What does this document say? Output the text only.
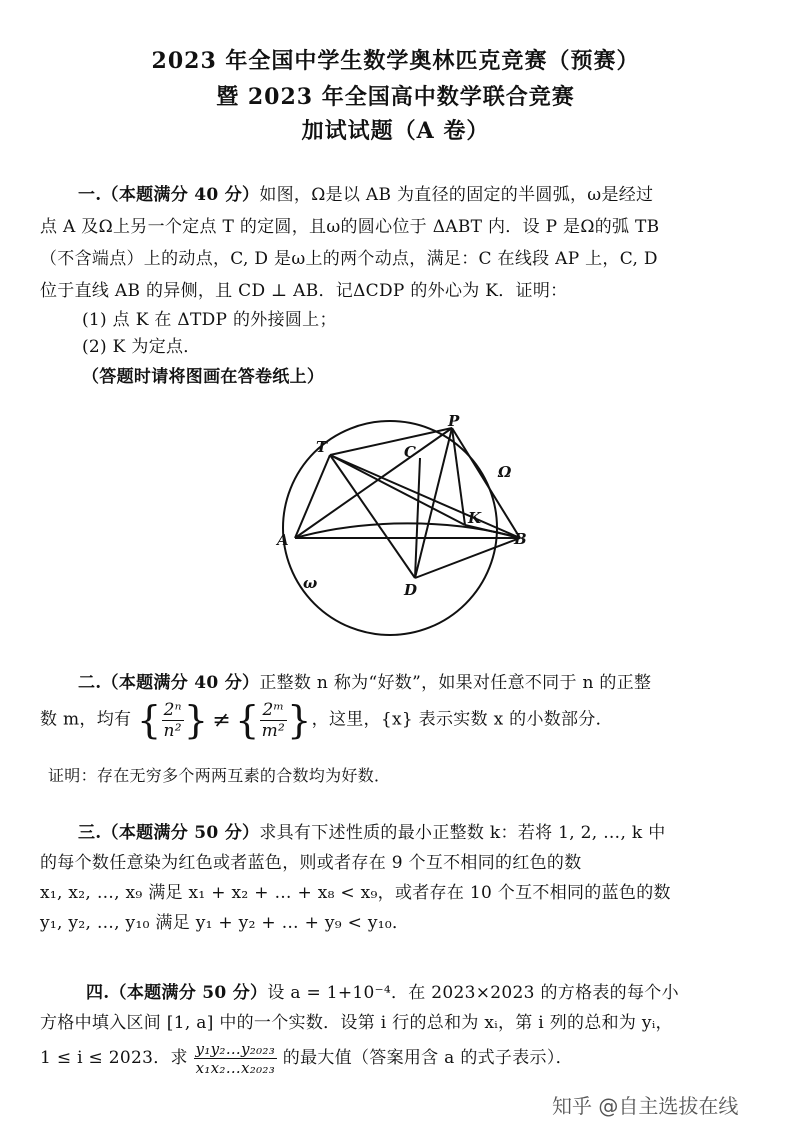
2023 年全国中学生数学奥林匹克竞赛（预赛）
暨 2023 年全国高中数学联合竞赛
加试试题（A 卷）
一.（本题满分 40 分）如图，Ω是以 AB 为直径的固定的半圆弧，ω是经过
点 A 及Ω上另一个定点 T 的定圆，且ω的圆心位于 ΔABT 内．设 P 是Ω的弧 TB
（不含端点）上的动点，C, D 是ω上的两个动点，满足：C 在线段 AP 上，C, D
位于直线 AB 的异侧，且 CD ⊥ AB．记ΔCDP 的外心为 K．证明：
(1) 点 K 在 ΔTDP 的外接圆上；
(2) K 为定点．
（答题时请将图画在答卷纸上）
A	B
C
D
P
T
K
Ω
ω
二.（本题满分 40 分）正整数 n 称为“好数”，如果对任意不同于 n 的正整
数 m，均有 { $\frac{\text{2ⁿ}}{\text{n²}}$ } ≠ { $\frac{\text{2ᵐ}}{\text{m²}}$ }，这里，{x} 表示实数 x 的小数部分．
证明：存在无穷多个两两互素的合数均为好数．
三.（本题满分 50 分）求具有下述性质的最小正整数 k：若将 1, 2, …, k 中
的每个数任意染为红色或者蓝色，则或者存在 9 个互不相同的红色的数
x₁, x₂, …, x₉ 满足 x₁ + x₂ + … + x₈ < x₉，或者存在 10 个互不相同的蓝色的数
y₁, y₂, …, y₁₀ 满足 y₁ + y₂ + … + y₉ < y₁₀．
四.（本题满分 50 分）设 a = 1+10⁻⁴．在 2023×2023 的方格表的每个小
方格中填入区间 [1, a] 中的一个实数．设第 i 行的总和为 xᵢ，第 i 列的总和为 yᵢ，
1 ≤ i ≤ 2023．求 $\frac{\text{y₁y₂…y₂₀₂₃}}{\text{x₁x₂…x₂₀₂₃}}$ 的最大值（答案用含 a 的式子表示）．
知乎 @自主选拔在线
